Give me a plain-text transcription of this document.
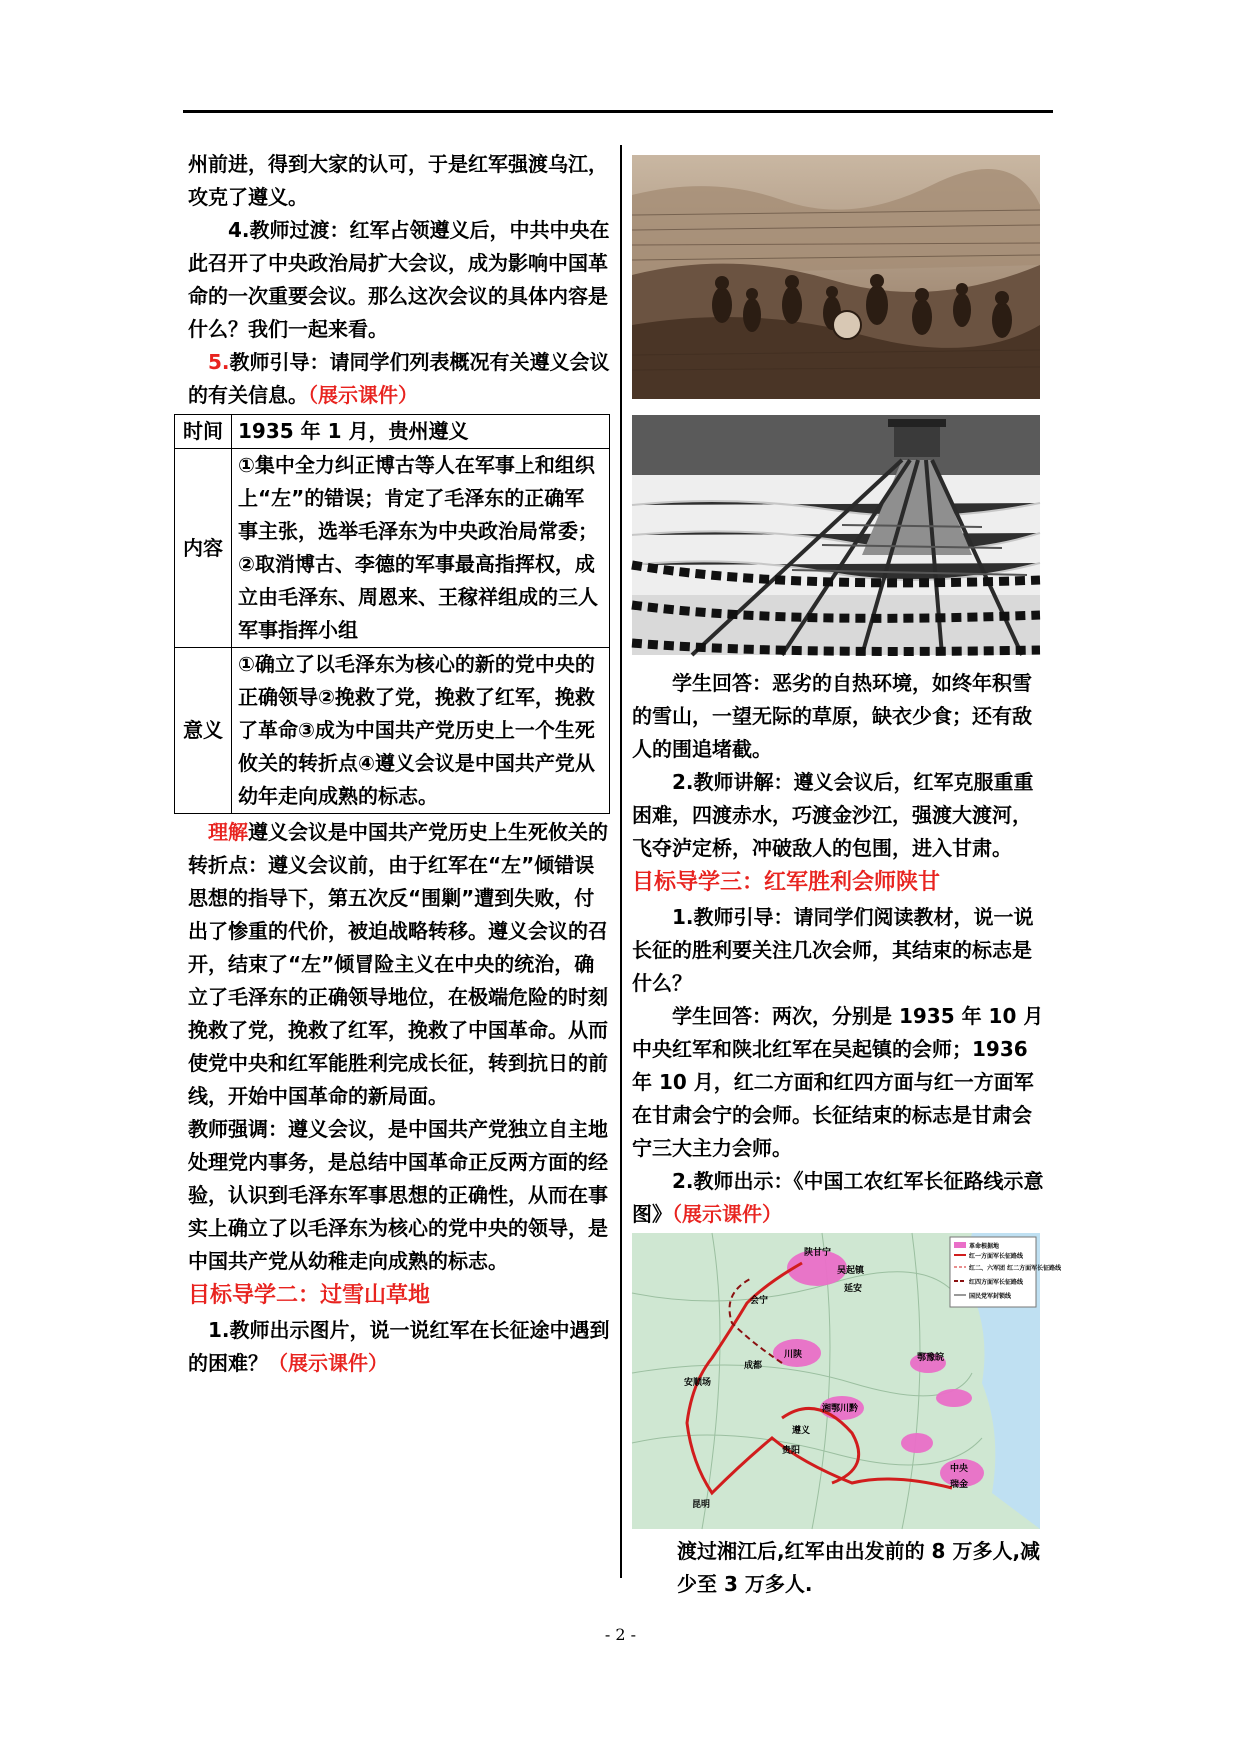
州前进，得到大家的认可，于是红军强渡乌江，攻克了遵义。

4.教师过渡：红军占领遵义后，中共中央在此召开了中央政治局扩大会议，成为影响中国革命的一次重要会议。那么这次会议的具体内容是什么？我们一起来看。

5.教师引导：请同学们列表概况有关遵义会议的有关信息。（展示课件）

时间	1935 年 1 月，贵州遵义
内容	①集中全力纠正博古等人在军事上和组织上“左”的错误；肯定了毛泽东的正确军事主张，选举毛泽东为中央政治局常委；
②取消博古、李德的军事最高指挥权，成立由毛泽东、周恩来、王稼祥组成的三人军事指挥小组

意义	①确立了以毛泽东为核心的新的党中央的正确领导②挽救了党，挽救了红军，挽救了革命③成为中国共产党历史上一个生死攸关的转折点④遵义会议是中国共产党从幼年走向成熟的标志。

理解遵义会议是中国共产党历史上生死攸关的转折点：遵义会议前，由于红军在“左”倾错误思想的指导下，第五次反“围剿”遭到失败，付出了惨重的代价，被迫战略转移。遵义会议的召开，结束了“左”倾冒险主义在中央的统治，确立了毛泽东的正确领导地位，在极端危险的时刻挽救了党，挽救了红军，挽救了中国革命。从而使党中央和红军能胜利完成长征，转到抗日的前线，开始中国革命的新局面。

教师强调：遵义会议，是中国共产党独立自主地处理党内事务，是总结中国革命正反两方面的经验，认识到毛泽东军事思想的正确性，从而在事实上确立了以毛泽东为核心的党中央的领导，是中国共产党从幼稚走向成熟的标志。

目标导学二：过雪山草地

1.教师出示图片，说一说红军在长征途中遇到的困难？（展示课件）

学生回答：恶劣的自热环境，如终年积雪的雪山，一望无际的草原，缺衣少食；还有敌人的围追堵截。

2.教师讲解：遵义会议后，红军克服重重困难，四渡赤水，巧渡金沙江，强渡大渡河，飞夺泸定桥，冲破敌人的包围，进入甘肃。

目标导学三：红军胜利会师陕甘

1.教师引导：请同学们阅读教材，说一说长征的胜利要关注几次会师，其结束的标志是什么？

学生回答：两次，分别是 1935 年 10 月中央红军和陕北红军在吴起镇的会师；1936 年 10 月，红二方面和红四方面与红一方面军在甘肃会宁的会师。长征结束的标志是甘肃会宁三大主力会师。

2.教师出示：《中国工农红军长征路线示意图》（展示课件）

陕甘宁
吴起镇
延安
会宁
川陕	鄂豫皖
成都
安顺场
湘鄂川黔
遵义
贵阳
中央
瑞金
昆明
革命根据地
红一方面军长征路线
红二、六军团 红二方面军长征路线
红四方面军长征路线
国民党军封锁线

渡过湘江后,红军由出发前的 8 万多人,减少至 3 万多人.

- 2 -
